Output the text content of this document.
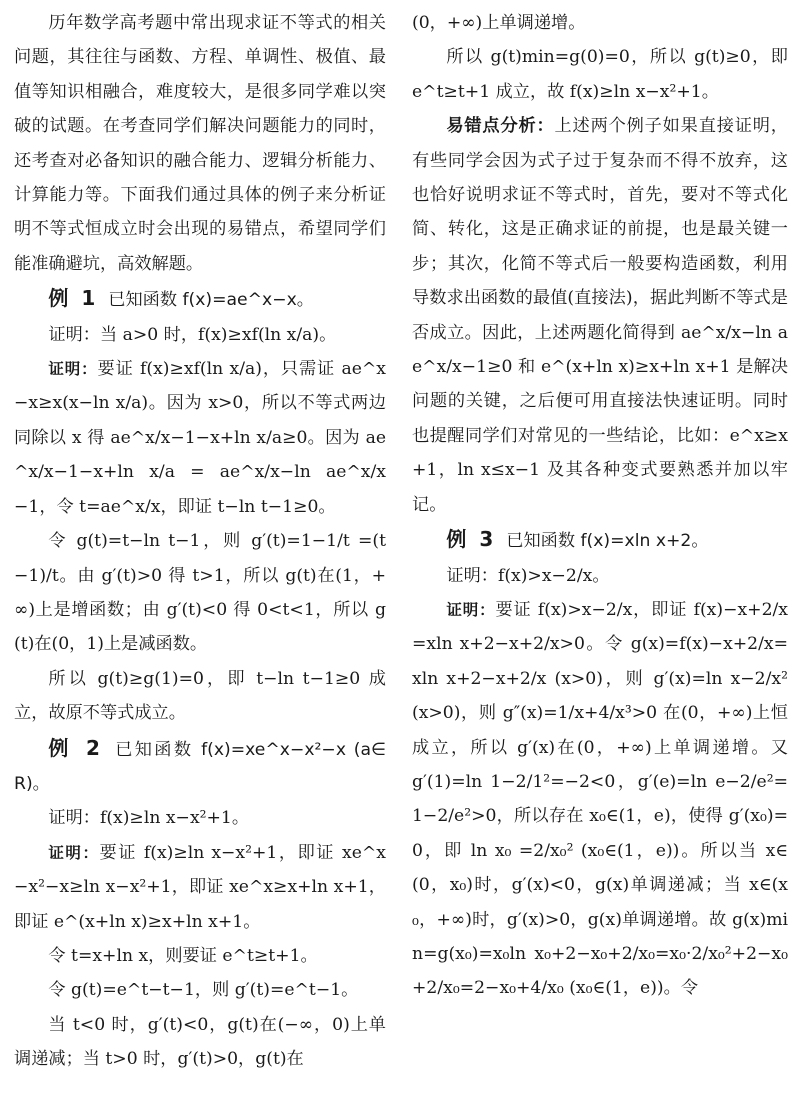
历年数学高考题中常出现求证不等式的相关问题，其往往与函数、方程、单调性、极值、最值等知识相融合，难度较大，是很多同学难以突破的试题。在考查同学们解决问题能力的同时，还考查对必备知识的融合能力、逻辑分析能力、计算能力等。下面我们通过具体的例子来分析证明不等式恒成立时会出现的易错点，希望同学们能准确避坑，高效解题。

例 1 已知函数 f(x)=ae^x−x。

证明：当 a>0 时，f(x)≥xf(ln x/a)。

证明：要证 f(x)≥xf(ln x/a)，只需证 ae^x−x≥x(x−ln x/a)。因为 x>0，所以不等式两边同除以 x 得 ae^x/x−1−x+ln x/a≥0。因为 ae^x/x−1−x+ln x/a = ae^x/x−ln ae^x/x−1，令 t=ae^x/x，即证 t−ln t−1≥0。

令 g(t)=t−ln t−1，则 g′(t)=1−1/t =(t−1)/t。由 g′(t)>0 得 t>1，所以 g(t)在(1，+∞)上是增函数；由 g′(t)<0 得 0<t<1，所以 g(t)在(0，1)上是减函数。

所以 g(t)≥g(1)=0，即 t−ln t−1≥0 成立，故原不等式成立。

例 2 已知函数 f(x)=xe^x−x²−x (a∈R)。

证明：f(x)≥ln x−x²+1。

证明：要证 f(x)≥ln x−x²+1，即证 xe^x−x²−x≥ln x−x²+1，即证 xe^x≥x+ln x+1，即证 e^(x+ln x)≥x+ln x+1。

令 t=x+ln x，则要证 e^t≥t+1。

令 g(t)=e^t−t−1，则 g′(t)=e^t−1。

当 t<0 时，g′(t)<0，g(t)在(−∞，0)上单调递减；当 t>0 时，g′(t)>0，g(t)在

(0，+∞)上单调递增。

所以 g(t)min=g(0)=0，所以 g(t)≥0，即 e^t≥t+1 成立，故 f(x)≥ln x−x²+1。

易错点分析：上述两个例子如果直接证明，有些同学会因为式子过于复杂而不得不放弃，这也恰好说明求证不等式时，首先，要对不等式化简、转化，这是正确求证的前提，也是最关键一步；其次，化简不等式后一般要构造函数，利用导数求出函数的最值(直接法)，据此判断不等式是否成立。因此，上述两题化简得到 ae^x/x−ln ae^x/x−1≥0 和 e^(x+ln x)≥x+ln x+1 是解决问题的关键，之后便可用直接法快速证明。同时也提醒同学们对常见的一些结论，比如：e^x≥x+1，ln x≤x−1 及其各种变式要熟悉并加以牢记。

例 3 已知函数 f(x)=xln x+2。

证明：f(x)>x−2/x。

证明：要证 f(x)>x−2/x，即证 f(x)−x+2/x=xln x+2−x+2/x>0。令 g(x)=f(x)−x+2/x=xln x+2−x+2/x (x>0)，则 g′(x)=ln x−2/x² (x>0)，则 g″(x)=1/x+4/x³>0 在(0，+∞)上恒成立，所以 g′(x)在(0，+∞)上单调递增。又 g′(1)=ln 1−2/1²=−2<0，g′(e)=ln e−2/e²=1−2/e²>0，所以存在 x₀∈(1，e)，使得 g′(x₀)=0，即 ln x₀ =2/x₀² (x₀∈(1，e))。所以当 x∈(0，x₀)时，g′(x)<0，g(x)单调递减；当 x∈(x₀，+∞)时，g′(x)>0，g(x)单调递增。故 g(x)min=g(x₀)=x₀ln x₀+2−x₀+2/x₀=x₀·2/x₀²+2−x₀+2/x₀=2−x₀+4/x₀ (x₀∈(1，e))。令
